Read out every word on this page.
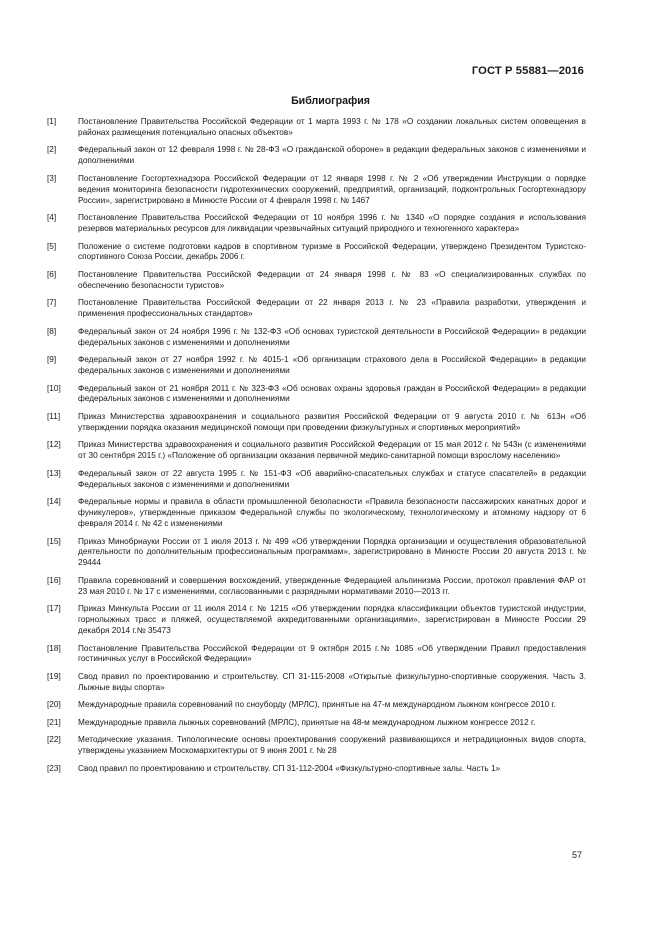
ГОСТ Р 55881—2016
Библиография
[1]	Постановление Правительства Российской Федерации от 1 марта 1993 г. № 178 «О создании локальных систем оповещения в районах размещения потенциально опасных объектов»
[2]	Федеральный закон от 12 февраля 1998 г. № 28-ФЗ «О гражданской обороне» в редакции федеральных законов с изменениями и дополнениями
[3]	Постановление Госгортехнадзора Российской Федерации от 12 января 1998 г. № 2 «Об утверждении Инструкции о порядке ведения мониторинга безопасности гидротехнических сооружений, предприятий, организаций, подконтрольных Госгортехнадзору России», зарегистрировано в Минюсте России от 4 февраля 1998 г. № 1467
[4]	Постановление Правительства Российской Федерации от 10 ноября 1996 г. № 1340 «О порядке создания и использования резервов материальных ресурсов для ликвидации чрезвычайных ситуаций природного и техногенного характера»
[5]	Положение о системе подготовки кадров в спортивном туризме в Российской Федерации, утверждено Президентом Туристско-спортивного Союза России, декабрь 2006 г.
[6]	Постановление Правительства Российской Федерации от 24 января 1998 г. № 83 «О специализированных службах по обеспечению безопасности туристов»
[7]	Постановление Правительства Российской Федерации от 22 января 2013 г. № 23 «Правила разработки, утверждения и применения профессиональных стандартов»
[8]	Федеральный закон от 24 ноября 1996 г. № 132-ФЗ «Об основах туристской деятельности в Российской Федерации» в редакции федеральных законов с изменениями и дополнениями
[9]	Федеральный закон от 27 ноября 1992 г. № 4015-1 «Об организации страхового дела в Российской Федерации» в редакции федеральных законов с изменениями и дополнениями
[10]	Федеральный закон от 21 ноября 2011 г. № 323-ФЗ «Об основах охраны здоровья граждан в Российской Федерации» в редакции федеральных законов с изменениями и дополнениями
[11]	Приказ Министерства здравоохранения и социального развития Российской Федерации от 9 августа 2010 г. № 613н «Об утверждении порядка оказания медицинской помощи при проведении физкультурных и спортивных мероприятий»
[12]	Приказ Министерства здравоохранения и социального развития Российской Федерации от 15 мая 2012 г. № 543н (с изменениями от 30 сентября 2015 г.) «Положение об организации оказания первичной медико-санитарной помощи взрослому населению»
[13]	Федеральный закон от 22 августа 1995 г. № 151-ФЗ «Об аварийно-спасательных службах и статусе спасателей» в редакции Федеральных законов с изменениями и дополнениями
[14]	Федеральные нормы и правила в области промышленной безопасности «Правила безопасности пассажирских канатных дорог и фуникулеров», утвержденные приказом Федеральной службы по экологическому, технологическому и атомному надзору от 6 февраля 2014 г. № 42 с изменениями
[15]	Приказ Минобрнауки России от 1 июля 2013 г. № 499 «Об утверждении Порядка организации и осуществления образовательной деятельности по дополнительным профессиональным программам», зарегистрировано в Минюсте России 20 августа 2013 г. № 29444
[16]	Правила соревнований и совершения восхождений, утвержденные Федерацией альпинизма России, протокол правления ФАР от 23 мая 2010 г. № 17 с изменениями, согласованными с разрядными нормативами 2010—2013 гг.
[17]	Приказ Минкульта России от 11 июля 2014 г. № 1215 «Об утверждении порядка классификации объектов туристской индустрии, горнолыжных трасс и пляжей, осуществляемой аккредитованными организациями», зарегистрирован в Минюсте России 29 декабря 2014 г.№ 35473
[18]	Постановление Правительства Российской Федерации от 9 октября 2015 г.№ 1085 «Об утверждении Правил предоставления гостиничных услуг в Российской Федерации»
[19]	Свод правил по проектированию и строительству. СП 31-115-2008 «Открытые физкультурно-спортивные сооружения. Часть 3. Лыжные виды спорта»
[20]	Международные правила соревнований по сноуборду (МРЛС), принятые на 47-м международном лыжном конгрессе 2010 г.
[21]	Международные правила лыжных соревнований (МРЛС), принятые на 48-м международном лыжном конгрессе 2012 г.
[22]	Методические указания. Типологические основы проектирования сооружений развивающихся и нетрадиционных видов спорта, утверждены указанием Москомархитектуры от 9 июня 2001 г. № 28
[23]	Свод правил по проектированию и строительству. СП 31-112-2004 «Физкультурно-спортивные залы. Часть 1»
57
